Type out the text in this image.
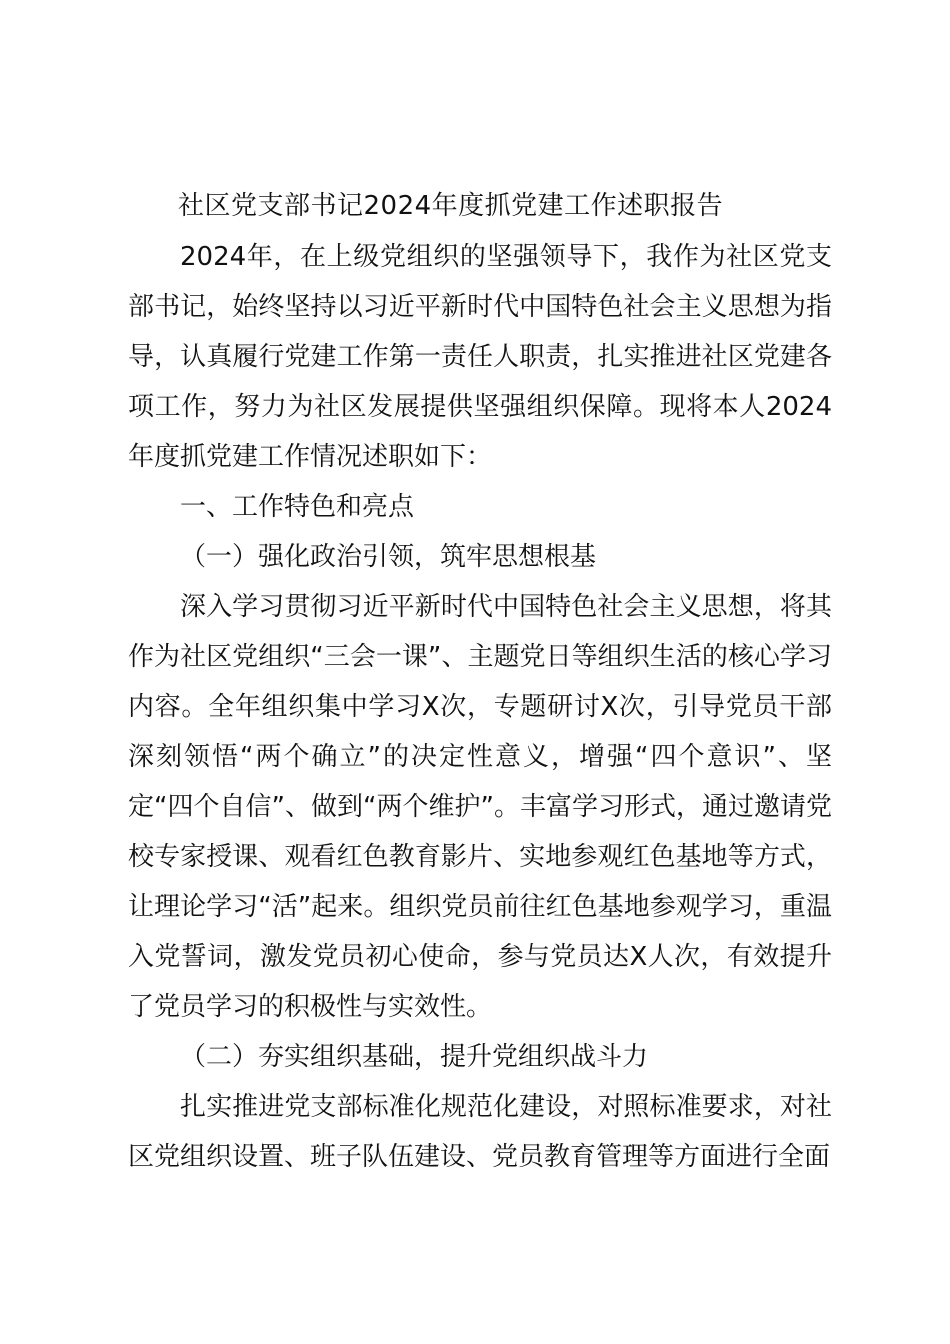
社区党支部书记2024年度抓党建工作述职报告

2024年，在上级党组织的坚强领导下，我作为社区党支部书记，始终坚持以习近平新时代中国特色社会主义思想为指导，认真履行党建工作第一责任人职责，扎实推进社区党建各项工作，努力为社区发展提供坚强组织保障。现将本人2024年度抓党建工作情况述职如下：

一、工作特色和亮点

（一）强化政治引领，筑牢思想根基

深入学习贯彻习近平新时代中国特色社会主义思想，将其作为社区党组织“三会一课”、主题党日等组织生活的核心学习内容。全年组织集中学习X次，专题研讨X次，引导党员干部深刻领悟“两个确立”的决定性意义，增强“四个意识”、坚定“四个自信”、做到“两个维护”。丰富学习形式，通过邀请党校专家授课、观看红色教育影片、实地参观红色基地等方式，让理论学习“活”起来。组织党员前往红色基地参观学习，重温入党誓词，激发党员初心使命，参与党员达X人次，有效提升了党员学习的积极性与实效性。

（二）夯实组织基础，提升党组织战斗力

扎实推进党支部标准化规范化建设，对照标准要求，对社区党组织设置、班子队伍建设、党员教育管理等方面进行全面
